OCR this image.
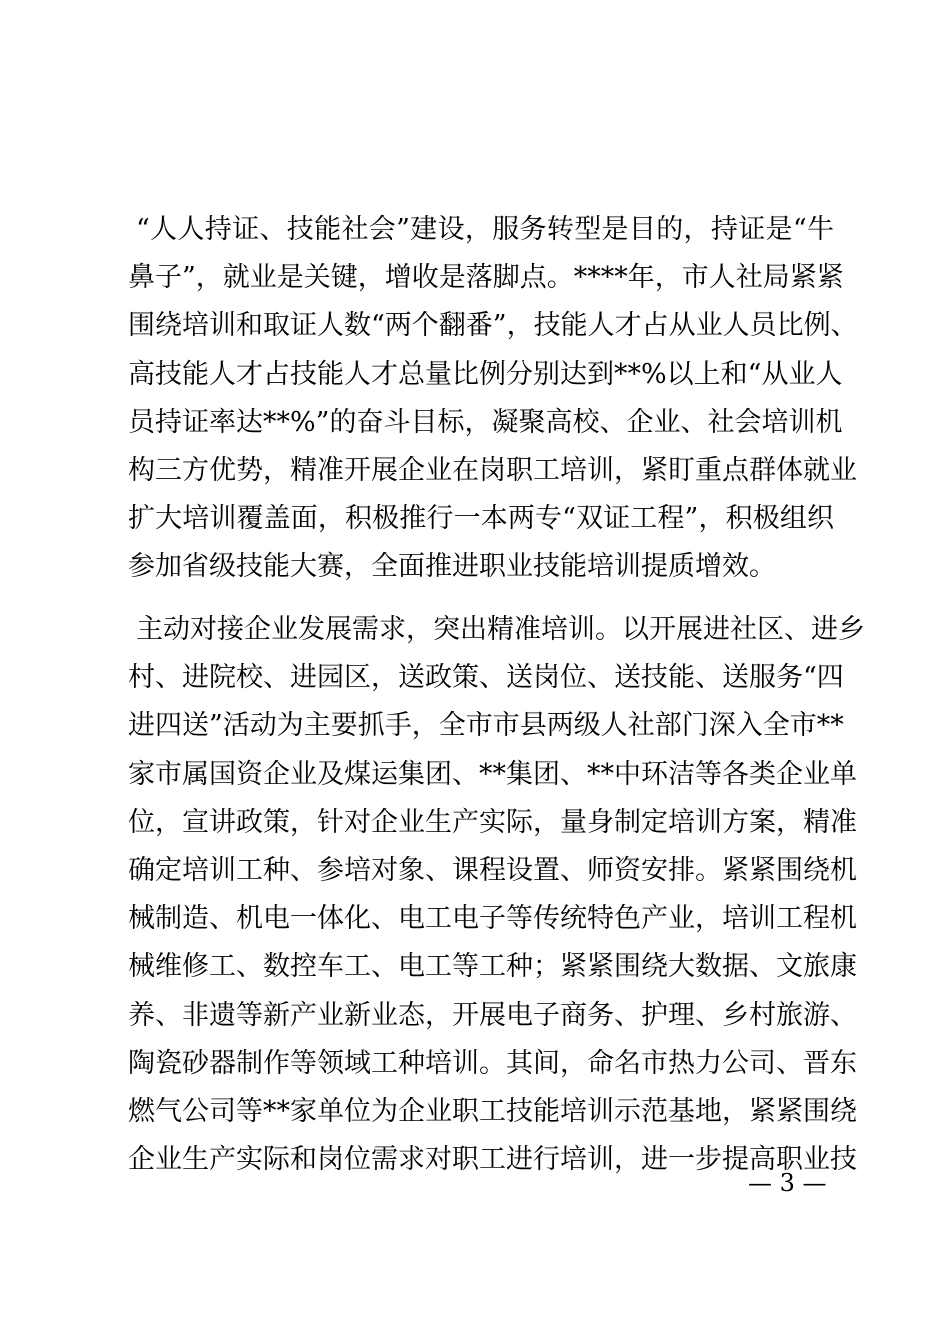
“人人持证、技能社会”建设，服务转型是目的，持证是“牛
鼻子”，就业是关键，增收是落脚点。****年，市人社局紧紧
围绕培训和取证人数“两个翻番”，技能人才占从业人员比例、
高技能人才占技能人才总量比例分别达到**%以上和“从业人
员持证率达**%”的奋斗目标，凝聚高校、企业、社会培训机
构三方优势，精准开展企业在岗职工培训，紧盯重点群体就业
扩大培训覆盖面，积极推行一本两专“双证工程”，积极组织
参加省级技能大赛，全面推进职业技能培训提质增效。
主动对接企业发展需求，突出精准培训。以开展进社区、进乡
村、进院校、进园区，送政策、送岗位、送技能、送服务“四
进四送”活动为主要抓手，全市市县两级人社部门深入全市**
家市属国资企业及煤运集团、**集团、**中环洁等各类企业单
位，宣讲政策，针对企业生产实际，量身制定培训方案，精准
确定培训工种、参培对象、课程设置、师资安排。紧紧围绕机
械制造、机电一体化、电工电子等传统特色产业，培训工程机
械维修工、数控车工、电工等工种；紧紧围绕大数据、文旅康
养、非遗等新产业新业态，开展电子商务、护理、乡村旅游、
陶瓷砂器制作等领域工种培训。其间，命名市热力公司、晋东
燃气公司等**家单位为企业职工技能培训示范基地，紧紧围绕
企业生产实际和岗位需求对职工进行培训，进一步提高职业技
— 3 —
